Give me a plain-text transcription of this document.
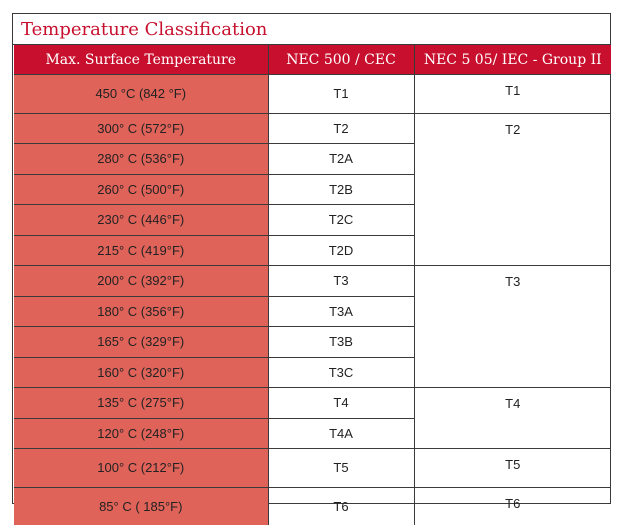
Temperature Classification
Max. Surface Temperature	NEC 500 / CEC	NEC 5 05/ IEC - Group II
450 °C (842 °F)	T1	T1
300° C (572°F)	T2	T2
280° C (536°F)	T2A	
260° C (500°F)	T2B	
230° C (446°F)	T2C	
215° C (419°F)	T2D	
200° C (392°F)	T3	T3
180° C (356°F)	T3A	
165° C (329°F)	T3B	
160° C (320°F)	T3C	
135° C (275°F)	T4	T4
120° C (248°F)	T4A	
100° C (212°F)	T5	T5
85° C ( 185°F)	T6	T6
